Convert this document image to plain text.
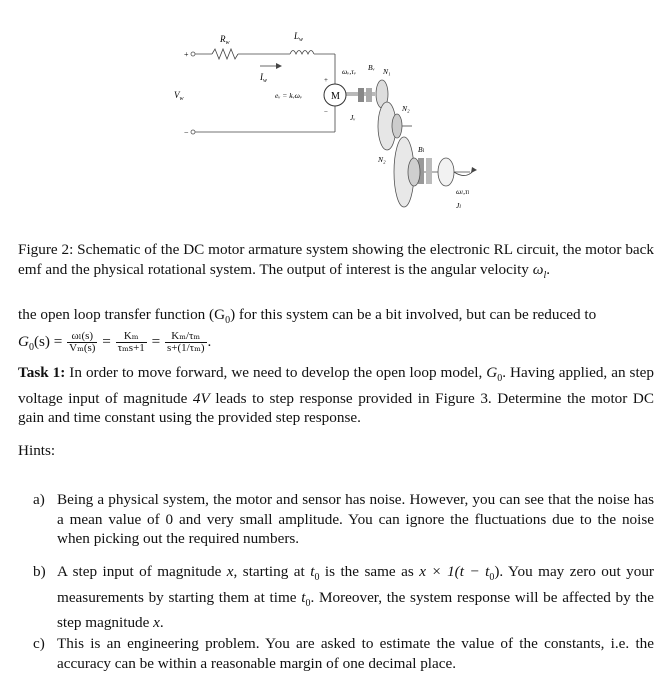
M
$R_w$
$L_w$
$I_w$
$V_w$
+
−
eᵥ = kᵥωᵥ
+
−
ωᵥ,τᵥ Bᵥ N₁
N₂
Jᵥ
N₂
Bₗ
Jₗ
ωₗ,τₗ
Figure 2: Schematic of the DC motor armature system showing the electronic RL circuit, the motor back emf and the physical rotational system. The output of interest is the angular velocity $\omega_l$.
the open loop transfer function $(G_0)$ for this system can be a bit involved, but can be reduced to
$G_0(s) = \frac{\text{ωₗ(s)}}{\text{Vₘ(s)}} = \frac{\text{Kₘ}}{\text{τₘs+1}} = \frac{\text{Kₘ/τₘ}}{\text{s+(1/τₘ)}}$ .
Task 1: In order to move forward, we need to develop the open loop model, $G_0$. Having applied, an step voltage input of magnitude 4V leads to step response provided in Figure 3. Determine the motor DC gain and time constant using the provided step response.
Hints:
a) Being a physical system, the motor and sensor has noise. However, you can see that the noise has a mean value of 0 and very small amplitude. You can ignore the fluctuations due to the noise when picking out the required numbers.
b) A step input of magnitude x, starting at $t_0$ is the same as $x \times 1(t - t_0)$. You may zero out your measurements by starting them at time $t_0$. Moreover, the system response will be affected by the step magnitude x.
c) This is an engineering problem. You are asked to estimate the value of the constants, i.e. the accuracy can be within a reasonable margin of one decimal place.
